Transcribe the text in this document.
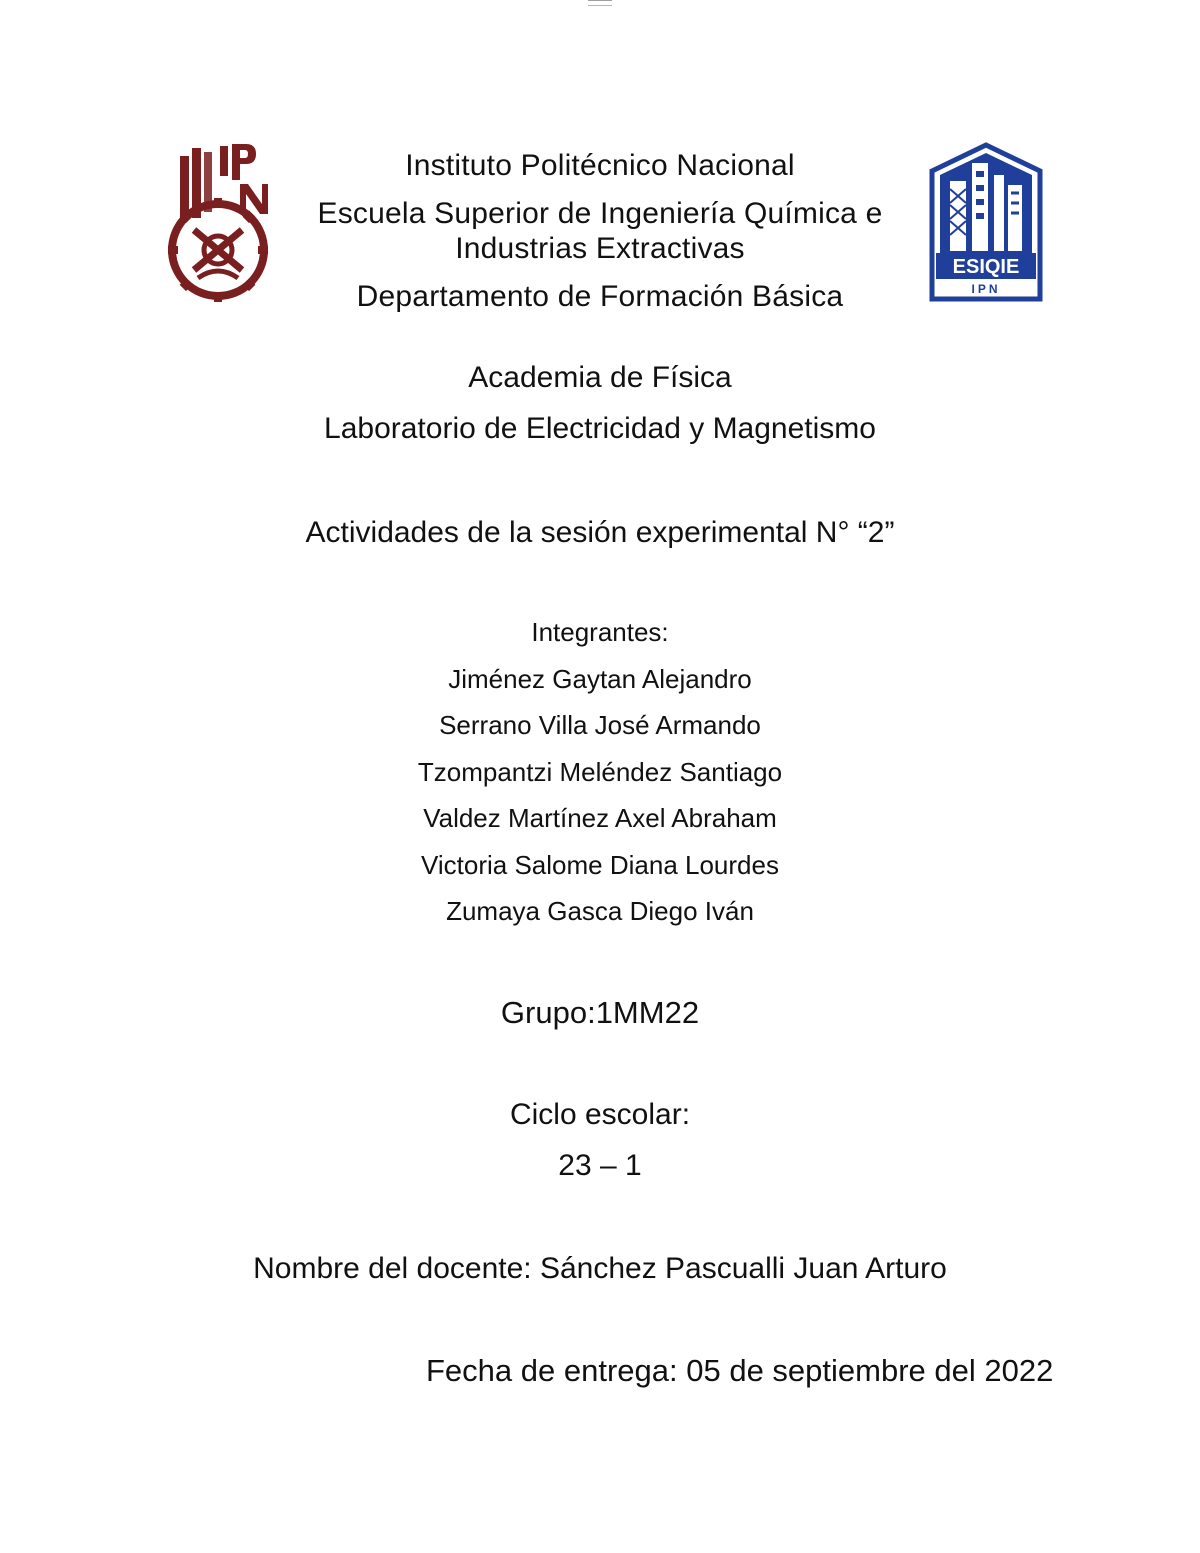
ESIQIE
IPN
Instituto Politécnico Nacional
Escuela Superior de Ingeniería Química e
Industrias Extractivas
Departamento de Formación Básica
Academia de Física
Laboratorio de Electricidad y Magnetismo
Actividades de la sesión experimental N° “2”
Integrantes:
Jiménez Gaytan Alejandro
Serrano Villa José Armando
Tzompantzi Meléndez Santiago
Valdez Martínez Axel Abraham
Victoria Salome Diana Lourdes
Zumaya Gasca Diego Iván
Grupo:1MM22
Ciclo escolar:
23 – 1
Nombre del docente: Sánchez Pascualli Juan Arturo
Fecha de entrega: 05 de septiembre del 2022
